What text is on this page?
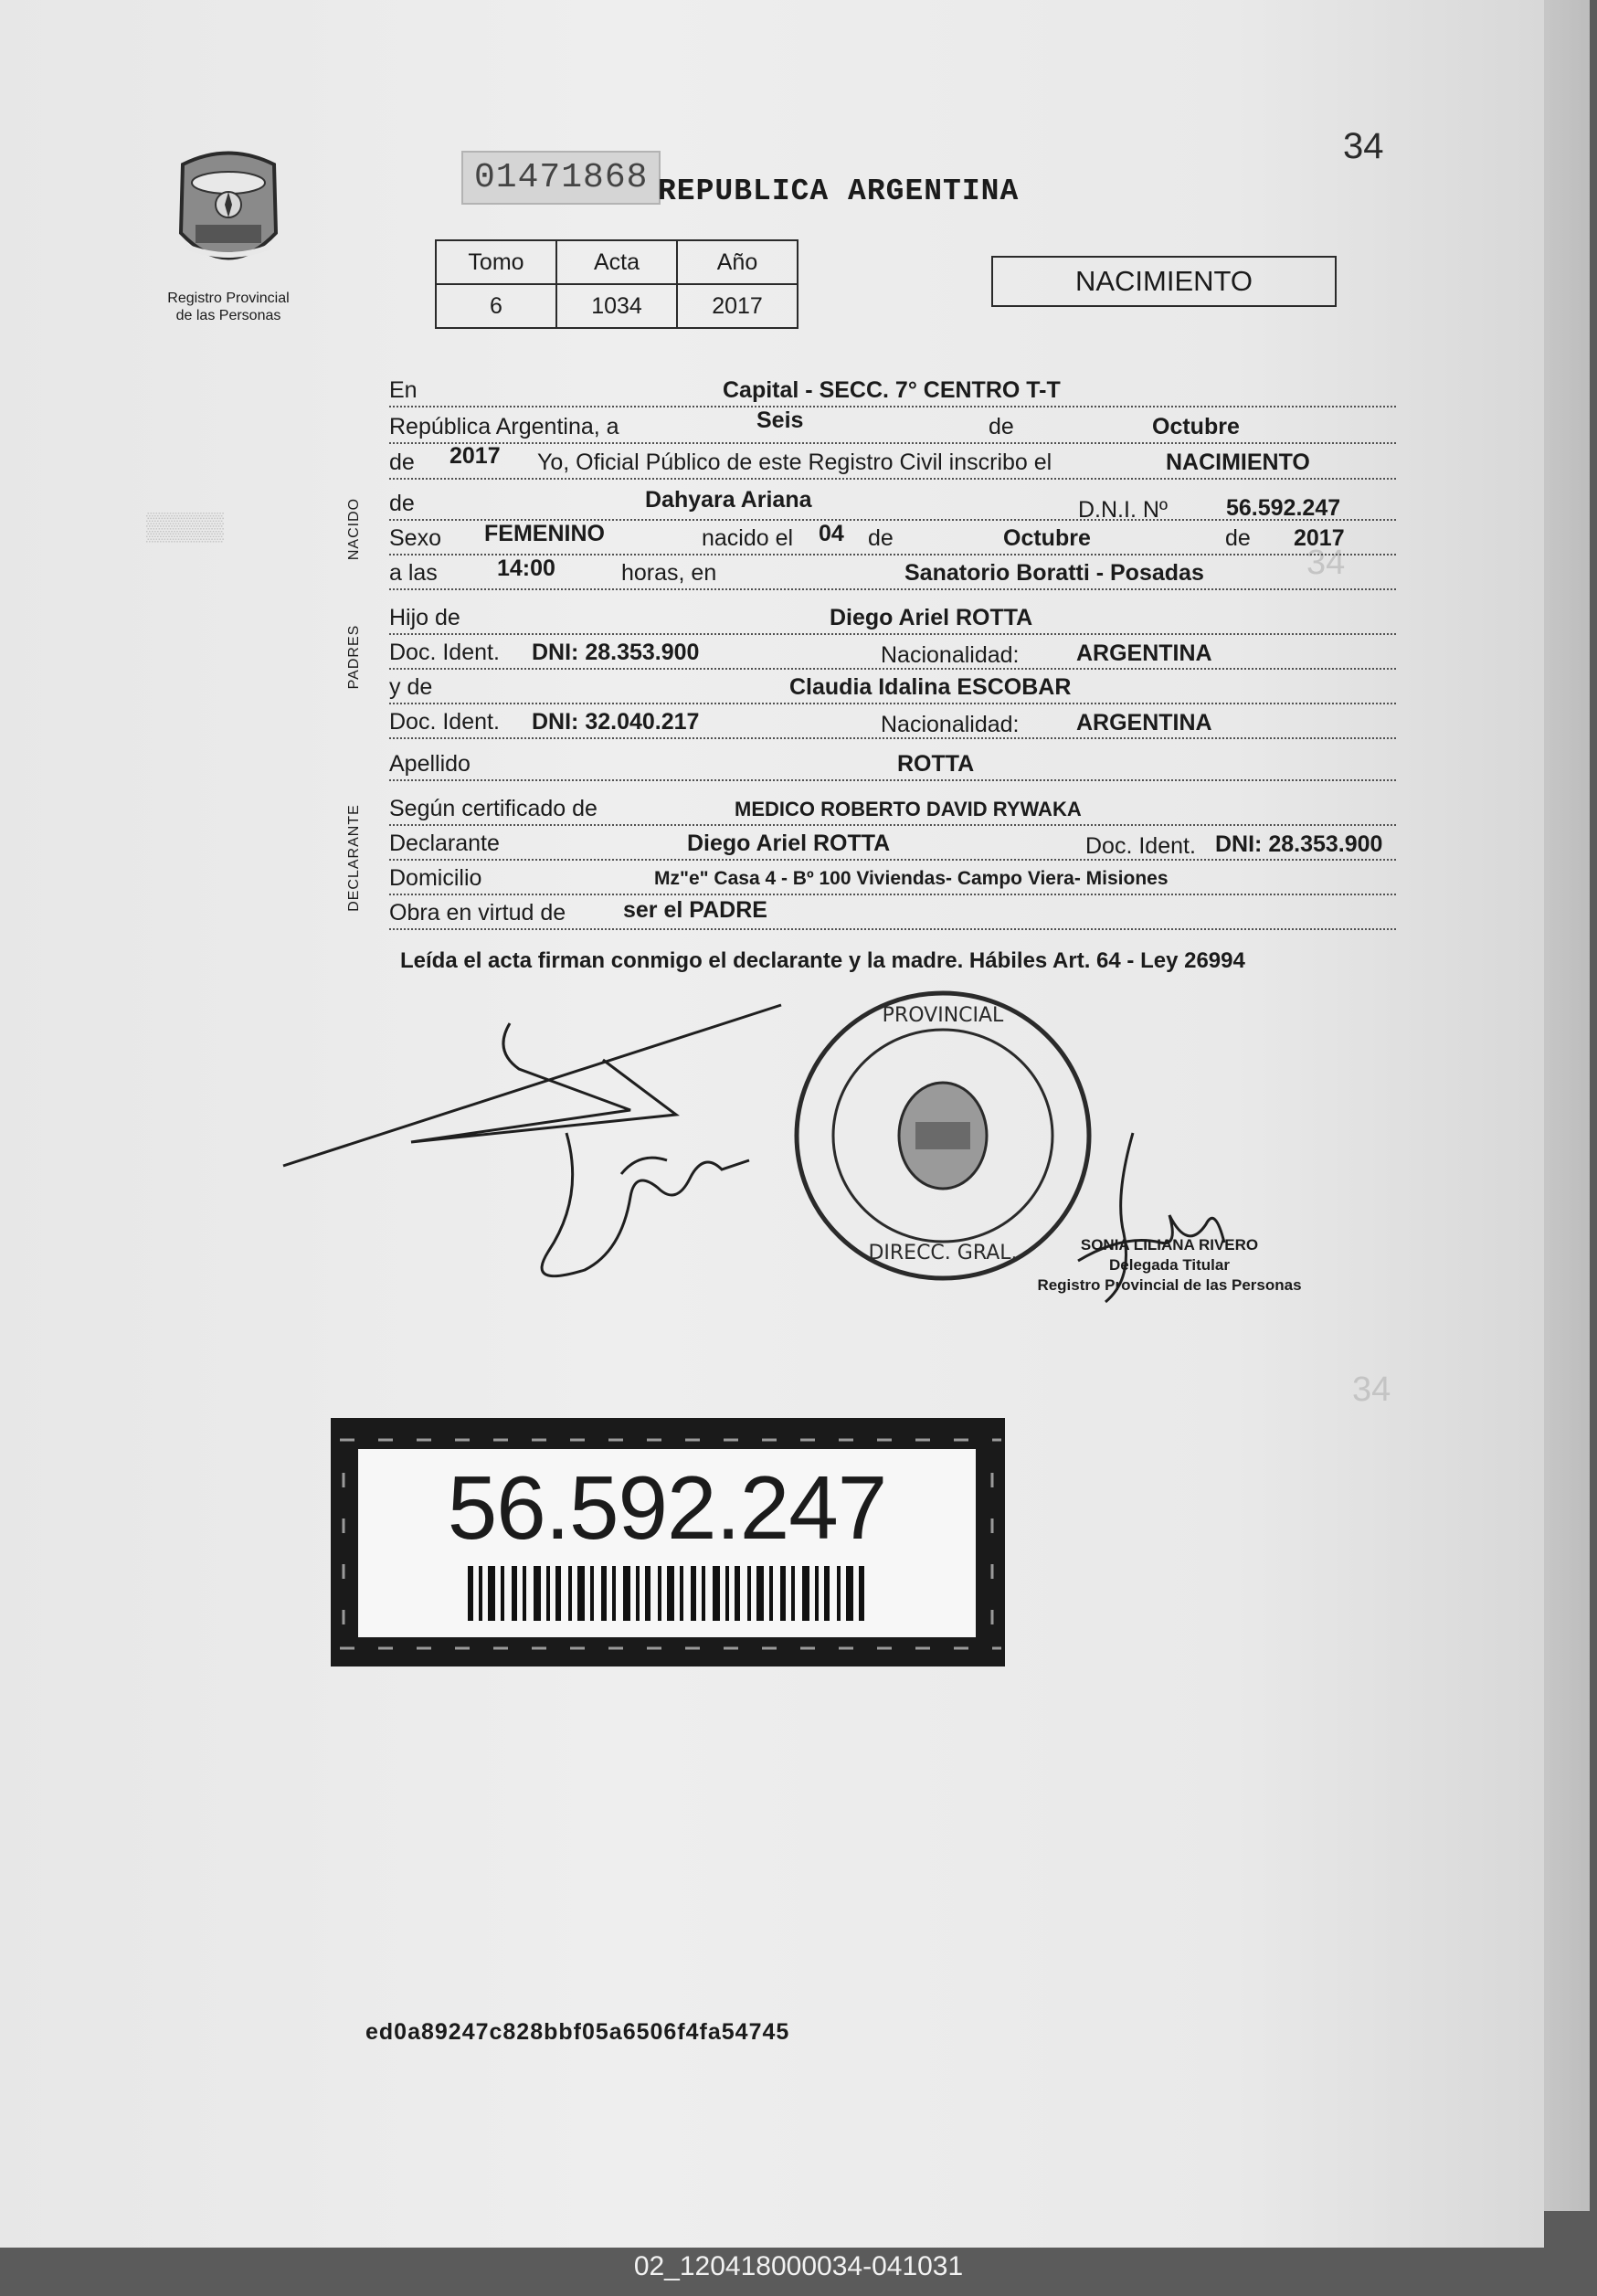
▒▒▒▒
34
34
34
Registro Provincial
de las Personas
01471868 REPUBLICA ARGENTINA
Tomo	Acta	Año
6	1034	2017
NACIMIENTO
En	Capital - SECC. 7° CENTRO T-T
República Argentina, a	Seis	de	Octubre
de 2017 Yo, Oficial Público de este Registro Civil inscribo el	NACIMIENTO
de	Dahyara Ariana	D.N.I. Nº	56.592.247
Sexo FEMENINO	nacido el 04 de	Octubre	de 2017
a las	14:00	horas, en	Sanatorio Boratti - Posadas
Hijo de	Diego Ariel ROTTA
Doc. Ident. DNI: 28.353.900	Nacionalidad:	ARGENTINA
y de	Claudia Idalina ESCOBAR
Doc. Ident. DNI: 32.040.217	Nacionalidad:	ARGENTINA
Apellido	ROTTA
Según certificado de	MEDICO ROBERTO DAVID RYWAKA
Declarante	Diego Ariel ROTTA	Doc. Ident. DNI: 28.353.900
Domicilio	Mz"e" Casa 4 - Bº 100 Viviendas- Campo Viera- Misiones
Obra en virtud de	ser el PADRE
NACIDO
PADRES
DECLARANTE
Leída el acta firman conmigo el declarante y la madre. Hábiles Art. 64 - Ley 26994
PROVINCIAL
DIRECC. GRAL.	SONIA LILIANA RIVERO
Delegada Titular
Registro Provincial de las Personas
56.592.247
ed0a89247c828bbf05a6506f4fa54745
02_120418000034-041031
